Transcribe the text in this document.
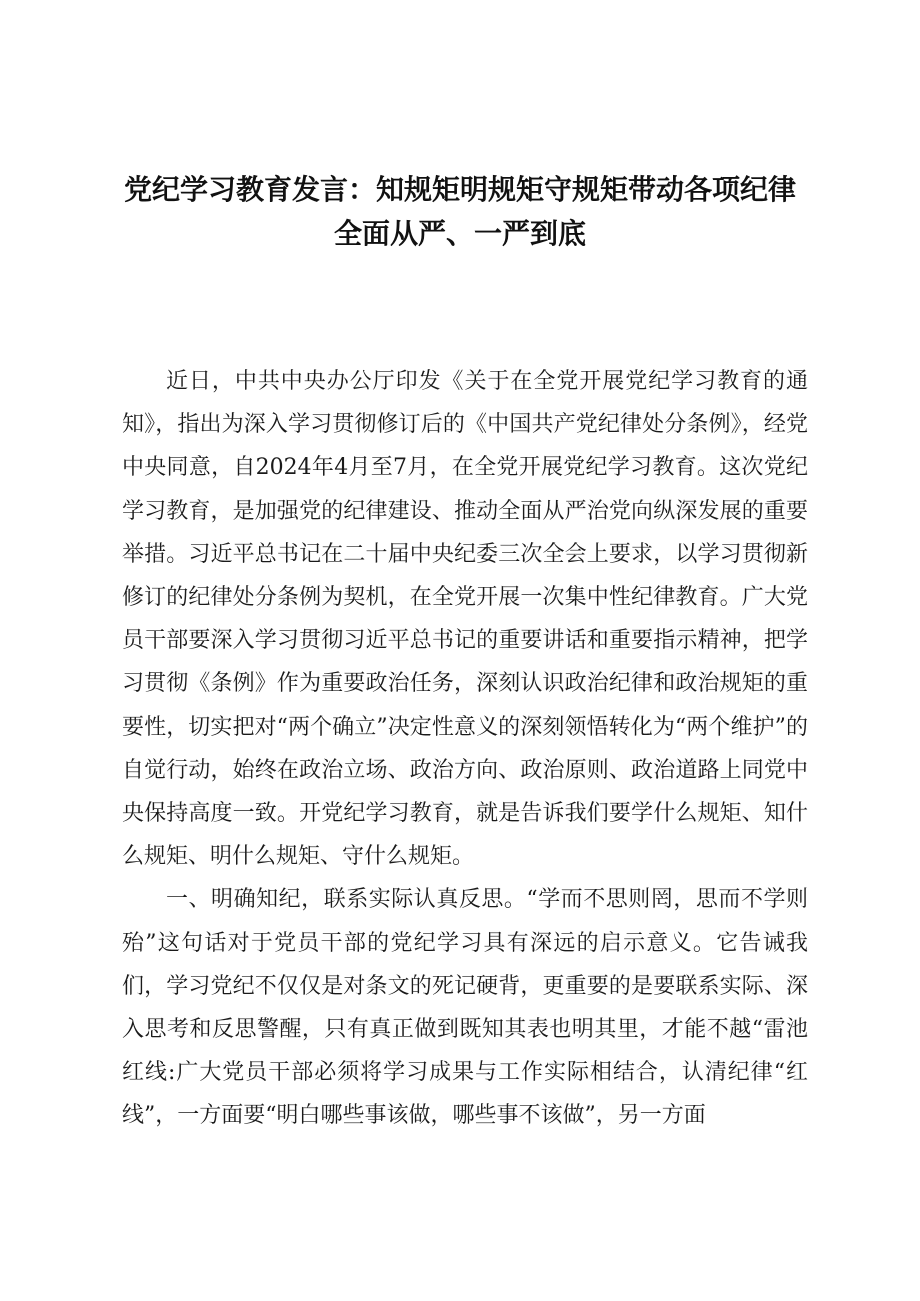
党纪学习教育发言：知规矩明规矩守规矩带动各项纪律
全面从严、一严到底

近日，中共中央办公厅印发《关于在全党开展党纪学习教育的通知》，指出为深入学习贯彻修订后的《中国共产党纪律处分条例》，经党中央同意，自2024年4月至7月，在全党开展党纪学习教育。这次党纪学习教育，是加强党的纪律建设、推动全面从严治党向纵深发展的重要举措。习近平总书记在二十届中央纪委三次全会上要求，以学习贯彻新修订的纪律处分条例为契机，在全党开展一次集中性纪律教育。广大党员干部要深入学习贯彻习近平总书记的重要讲话和重要指示精神，把学习贯彻《条例》作为重要政治任务，深刻认识政治纪律和政治规矩的重要性，切实把对“两个确立”决定性意义的深刻领悟转化为“两个维护”的自觉行动，始终在政治立场、政治方向、政治原则、政治道路上同党中央保持高度一致。开党纪学习教育，就是告诉我们要学什么规矩、知什么规矩、明什么规矩、守什么规矩。

一、明确知纪，联系实际认真反思。“学而不思则罔，思而不学则殆”这句话对于党员干部的党纪学习具有深远的启示意义。它告诫我们，学习党纪不仅仅是对条文的死记硬背，更重要的是要联系实际、深入思考和反思警醒，只有真正做到既知其表也明其里，才能不越“雷池红线:广大党员干部必须将学习成果与工作实际相结合，认清纪律“红线”，一方面要“明白哪些事该做，哪些事不该做”，另一方面
